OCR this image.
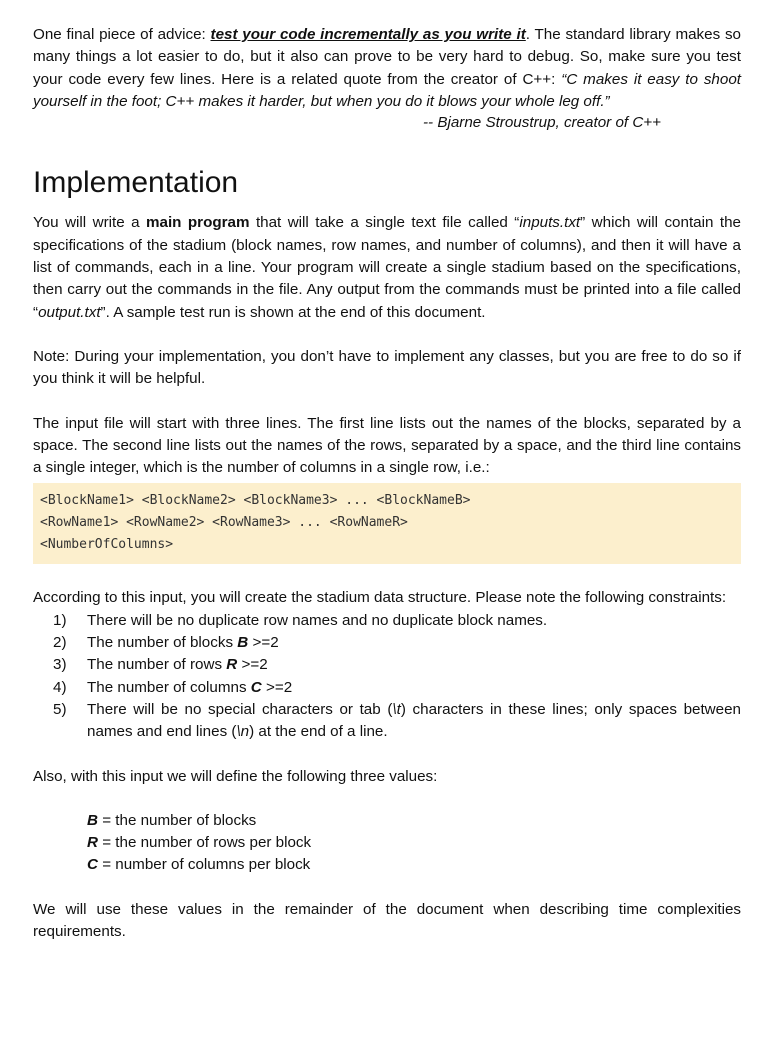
One final piece of advice: test your code incrementally as you write it. The standard library makes so many things a lot easier to do, but it also can prove to be very hard to debug. So, make sure you test your code every few lines. Here is a related quote from the creator of C++: “C makes it easy to shoot yourself in the foot; C++ makes it harder, but when you do it blows your whole leg off.”

-- Bjarne Stroustrup, creator of C++

Implementation

You will write a main program that will take a single text file called “inputs.txt” which will contain the specifications of the stadium (block names, row names, and number of columns), and then it will have a list of commands, each in a line. Your program will create a single stadium based on the specifications, then carry out the commands in the file. Any output from the commands must be printed into a file called “output.txt”. A sample test run is shown at the end of this document.

Note: During your implementation, you don’t have to implement any classes, but you are free to do so if you think it will be helpful.

The input file will start with three lines. The first line lists out the names of the blocks, separated by a space. The second line lists out the names of the rows, separated by a space, and the third line contains a single integer, which is the number of columns in a single row, i.e.:

<BlockName1> <BlockName2> <BlockName3> ... <BlockNameB>
<RowName1> <RowName2> <RowName3> ... <RowNameR>
<NumberOfColumns>

According to this input, you will create the stadium data structure. Please note the following constraints:

1)	There will be no duplicate row names and no duplicate block names.
2)	The number of blocks B >=2
3)	The number of rows R >=2
4)	The number of columns C >=2
5)	There will be no special characters or tab (\t) characters in these lines; only spaces between names and end lines (\n) at the end of a line.

Also, with this input we will define the following three values:

B = the number of blocks
R = the number of rows per block
C = number of columns per block

We will use these values in the remainder of the document when describing time complexities requirements.
